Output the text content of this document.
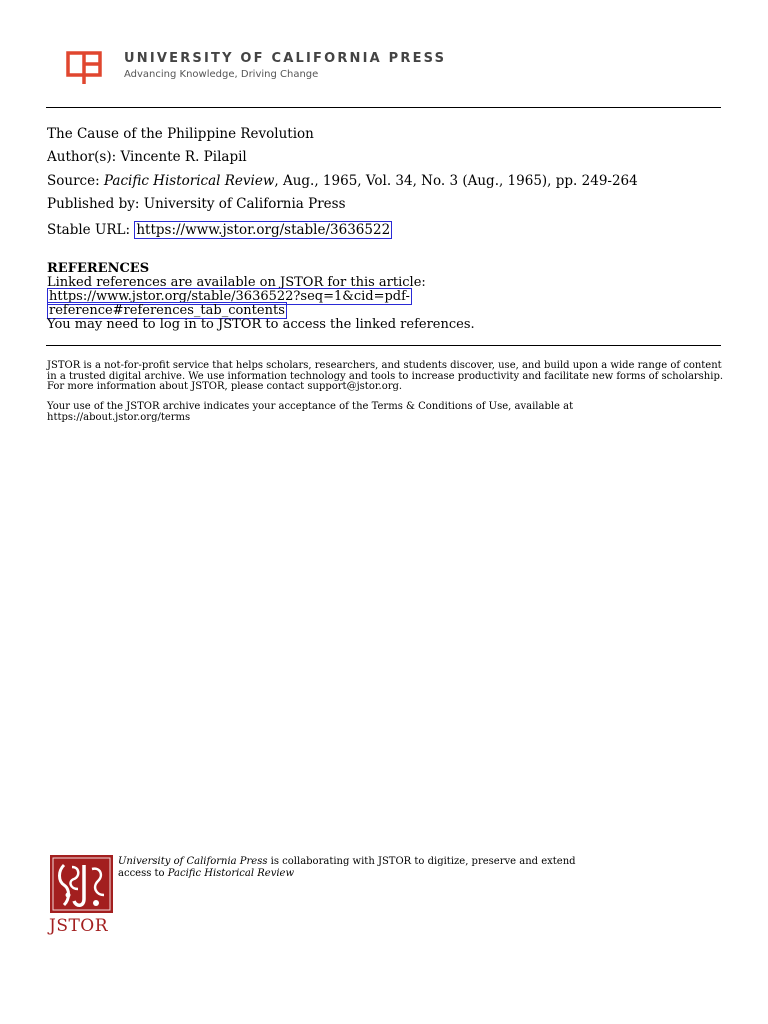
UNIVERSITY OF CALIFORNIA PRESS
Advancing Knowledge, Driving Change
The Cause of the Philippine Revolution
Author(s): Vincente R. Pilapil
Source: Pacific Historical Review, Aug., 1965, Vol. 34, No. 3 (Aug., 1965), pp. 249-264
Published by: University of California Press
Stable URL: https://www.jstor.org/stable/3636522
REFERENCES
Linked references are available on JSTOR for this article:
https://www.jstor.org/stable/3636522?seq=1&cid=pdf-
reference#references_tab_contents
You may need to log in to JSTOR to access the linked references.
JSTOR is a not-for-profit service that helps scholars, researchers, and students discover, use, and build upon a wide range of content in a trusted digital archive. We use information technology and tools to increase productivity and facilitate new forms of scholarship. For more information about JSTOR, please contact support@jstor.org.
Your use of the JSTOR archive indicates your acceptance of the Terms & Conditions of Use, available at
https://about.jstor.org/terms
JSTOR
University of California Press is collaborating with JSTOR to digitize, preserve and extend
access to Pacific Historical Review
